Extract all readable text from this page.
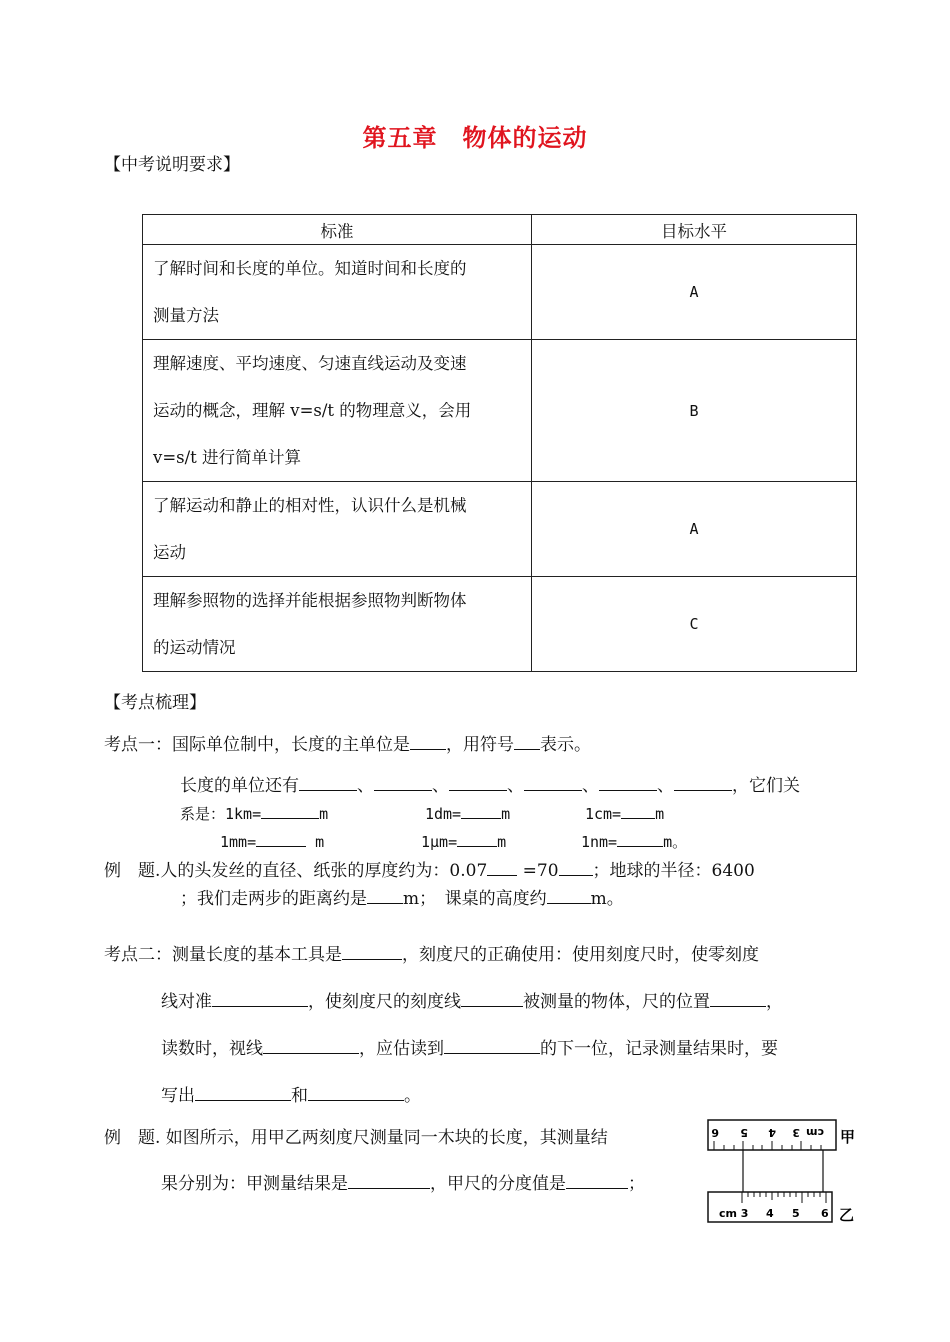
第五章　物体的运动
【中考说明要求】
标准	目标水平

了解时间和长度的单位。知道时间和长度的
测量方法	A

理解速度、平均速度、匀速直线运动及变速
运动的概念，理解 v=s/t 的物理意义，会用
v=s/t 进行简单计算	B

了解运动和静止的相对性，认识什么是机械
运动	A

理解参照物的选择并能根据参照物判断物体
的运动情况	C
【考点梳理】
考点一：国际单位制中，长度的主单位是 ，用符号 表示。
长度的单位还有	、	、	、	、	、	，它们关
系是：1km=	m	1dm=	m	1cm= m
1mm=	m	1μm=	m	1nm=	m。
例　题.人的头发丝的直径、纸张的厚度约为：0.07 =70 ；地球的半径：6400
；我们走两步的距离约是 m；　课桌的高度约	m。
考点二：测量长度的基本工具是	，刻度尺的正确使用：使用刻度尺时，使零刻度
线对准	，使刻度尺的刻度线	被测量的物体，尺的位置	，
读数时，视线	，应估读到	的下一位，记录测量结果时，要
写出	和	。
例　题. 如图所示，用甲乙两刻度尺测量同一木块的长度，其测量结
果分别为：甲测量结果是	，甲尺的分度值是	；
6 5 4 3 cm 甲
cm 3 4 5 6 乙
